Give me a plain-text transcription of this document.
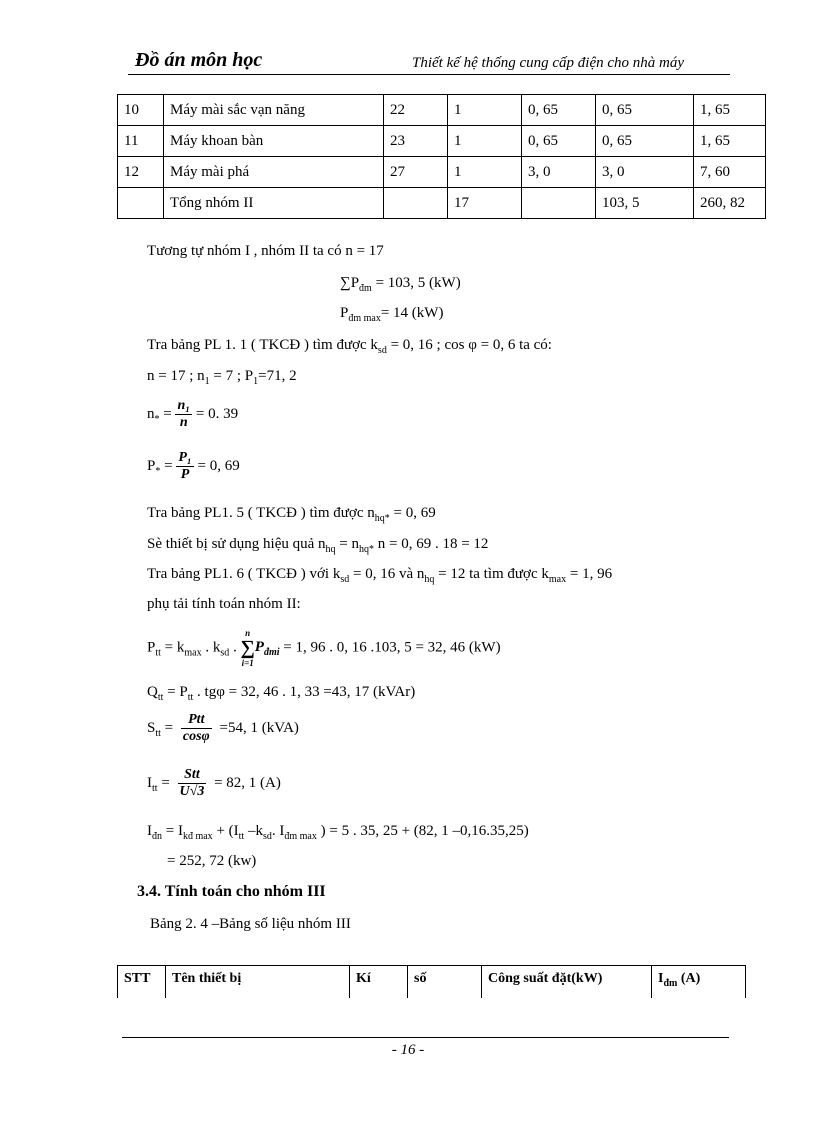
Đồ án môn học	Thiết kế hệ thống cung cấp điện cho nhà máy
10	Máy mài sắc vạn năng	22	1	0, 65	0, 65	1, 65
11	Máy khoan bàn	23	1	0, 65	0, 65	1, 65
12	Máy mài phá	27	1	3, 0	3, 0	7, 60
	Tổng nhóm II		17		103, 5	260, 82
Tương tự nhóm I , nhóm II ta có n = 17
$\sum P_{đm} = 103$, 5 (kW)
$P_{đm max}= 14$ (kW)
Tra bảng PL 1. 1 ( TKCĐ ) tìm được $k_{sd} = 0$, 16 ; cos φ = 0, 6 ta có:
n = 17 ; $n_1 = 7$ ; $P_1=71$, 2
$n_* = \frac{\text{n₁}}{n} = 0$. 39
$P_* = \frac{\text{P₁}}{P} = 0$, 69
Tra bảng PL1. 5 ( TKCĐ ) tìm được $n_{hq*} = 0$, 69
Sè thiết bị sử dụng hiệu quả $n_{hq} = n_{hq*}$ n = 0, 69 . 18 = 12
Tra bảng PL1. 6 ( TKCĐ ) với $k_{sd} = 0$, 16 và $n_{hq} = 12$ ta tìm được $k_{max} = 1$, 96
phụ tải tính toán nhóm II:
$P_{tt} = k_{max}$ . $k_{sd}$ .
n
∑
i=1
$P_{đmi} = 1$, 96 . 0, 16 .103, 5 = 32, 46 (kW)
$Q_{tt} = P_{tt}$ . tgφ = 32, 46 . 1, 33 =43, 17 (kVAr)
$S_{tt} = \frac{\text{Ptt}}{\cos\varphi} =54$, 1 (kVA)
$I_{tt} = \frac{\text{Stt}}{U√3} = 82$, 1 (A)
$I_{đn} = I_{kđ max} + (I_{tt}$ $-k_{sd}$. $I_{đm max}$ ) = 5 . 35, 25 + (82, 1 –0,16.35,25)
= 252, 72 (kw)
3.4. Tính toán cho nhóm III
Bảng 2. 4 –Bảng số liệu nhóm III
STT	Tên thiết bị	Kí	số	Công suất đặt(kW)	$I_{đm}$ (A)
- 16 -
